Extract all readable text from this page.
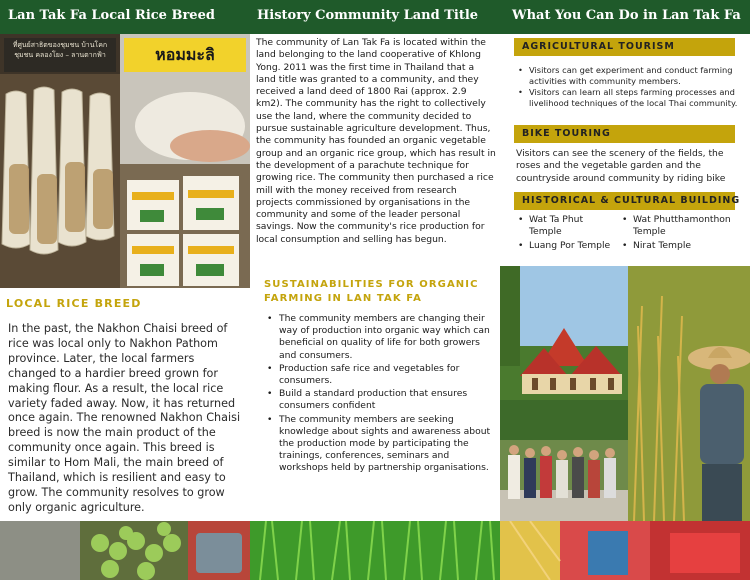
Lan Tak Fa Local Rice Breed	History Community Land Title	What You Can Do in Lan Tak Fa
ที่ศูนย์สาธิตของชุมชน บ้านโคกชุมชน คลองโยง – ลานตากฟ้า	หอมมะลิ
LOCAL RICE BREED
In the past, the Nakhon Chaisi breed of rice was local only to Nakhon Pathom province. Later, the local farmers changed to a hardier breed grown for making flour. As a result, the local rice variety faded away. Now, it has returned once again. The renowned Nakhon Chaisi breed is now the main product of the community once again. This breed is similar to Hom Mali, the main breed of Thailand, which is resilient and easy to grow. The community resolves to grow only organic agriculture.
The community of Lan Tak Fa is located within the land belonging to the land cooperative of Khlong Yong. 2011 was the first time in Thailand that a land title was granted to a community, and they received a land deed of 1800 Rai (approx. 2.9 km2). The community has the right to collectively use the land, where the community decided to pursue sustainable agriculture development. Thus, the community has founded an organic vegetable group and an organic rice group, which has result in the development of a parachute technique for growing rice. The community then purchased a rice mill with the money received from research projects commissioned by organisations in the community and some of the leader personal savings. Now the community's rice production for local consumption and selling has begun.
SUSTAINABILITIES FOR ORGANIC FARMING IN LAN TAK FA
• The community members are changing their way of production into organic way which can beneficial on quality of life for both growers and consumers.
• Production safe rice and vegetables for consumers.
• Build a standard production that ensures consumers confident
• The community members are seeking knowledge about sights and awareness about the production mode by participating the trainings, conferences, seminars and workshops held by partnership organisations.
AGRICULTURAL TOURISM
• Visitors can get experiment and conduct farming activities with community members.
• Visitors can learn all steps farming processes and livelihood techniques of the local Thai community.
BIKE TOURING
Visitors can see the scenery of the fields, the roses and the vegetable garden and the countryside around community by riding bike
HISTORICAL & CULTURAL BUILDING
• Wat Ta Phut Temple
• Wat Phutthamonthon Temple
• Luang Por Temple
•	Nirat Temple
